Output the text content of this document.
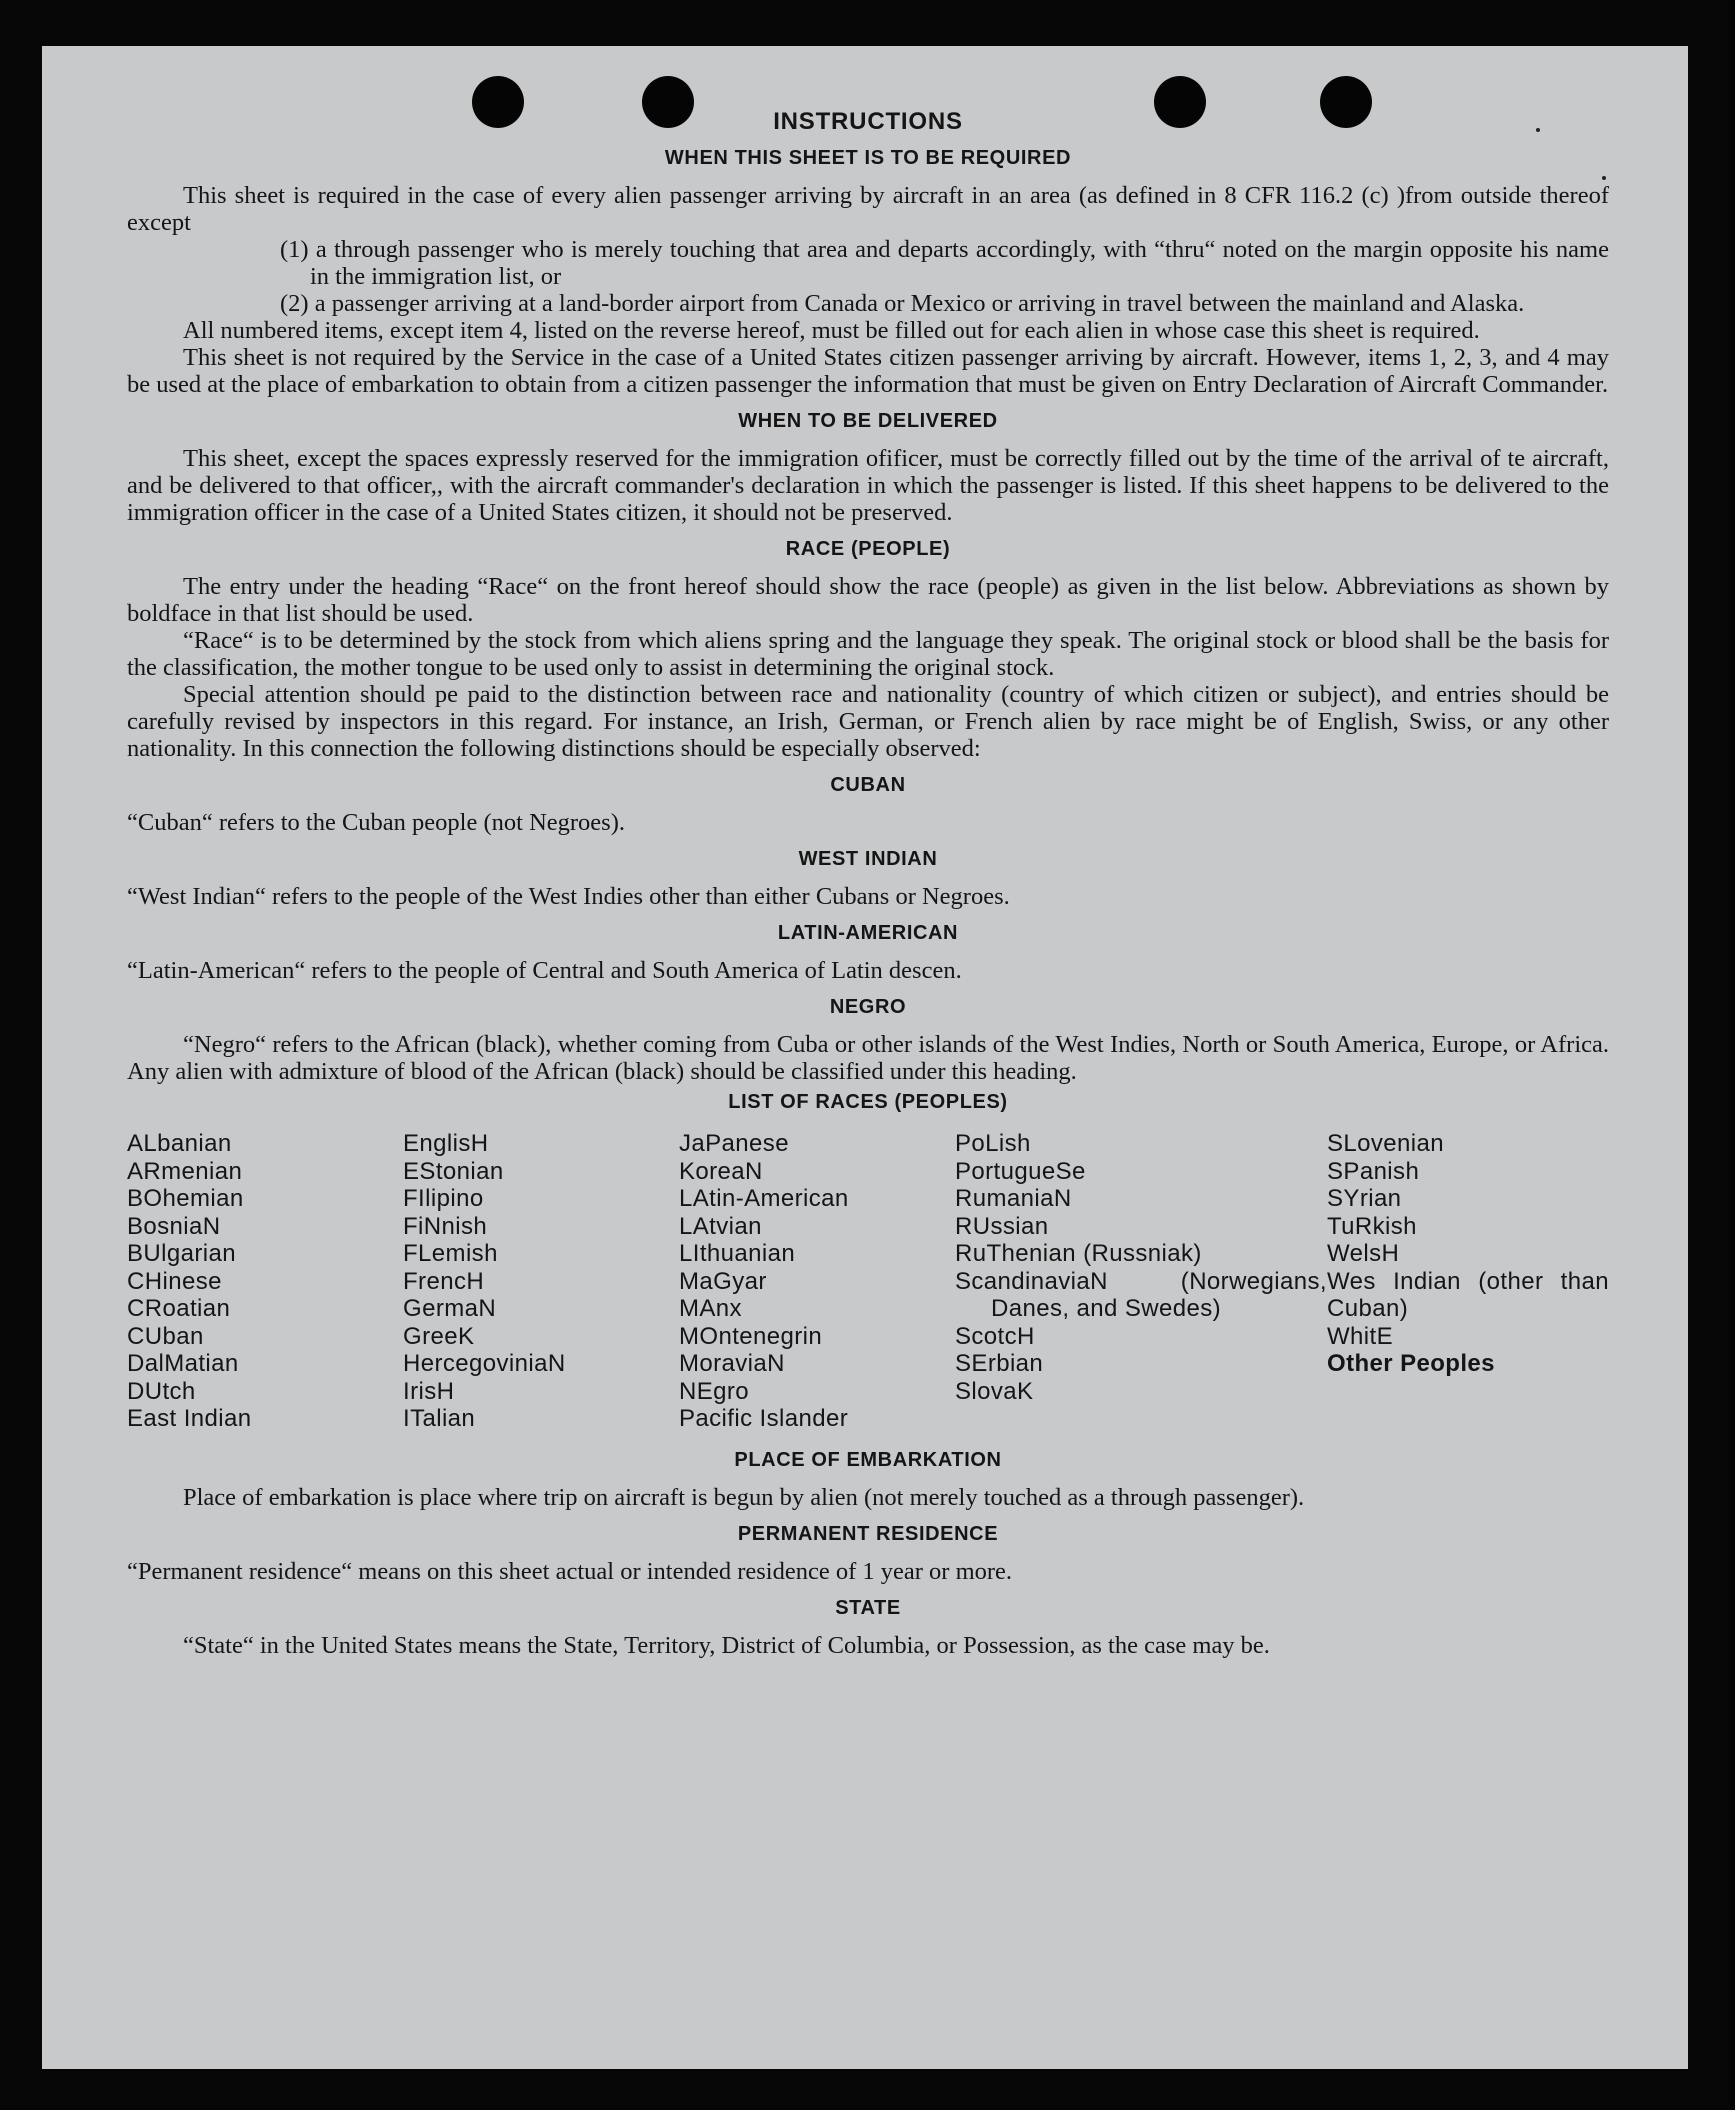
INSTRUCTIONS
WHEN THIS SHEET IS TO BE REQUIRED

This sheet is required in the case of every alien passenger arriving by aircraft in an area (as defined in 8 CFR 116.2 (c) )from outside thereof except

(1) a through passenger who is merely touching that area and departs accordingly, with “thru“ noted on the margin opposite his name in the immigration list, or

(2) a passenger arriving at a land-border airport from Canada or Mexico or arriving in travel between the mainland and Alaska.

All numbered items, except item 4, listed on the reverse hereof, must be filled out for each alien in whose case this sheet is required.

This sheet is not required by the Service in the case of a United States citizen passenger arriving by aircraft. However, items 1, 2, 3, and 4 may be used at the place of embarkation to obtain from a citizen passenger the information that must be given on Entry Declaration of Aircraft Commander.

WHEN TO BE DELIVERED

This sheet, except the spaces expressly reserved for the immigration ofificer, must be correctly filled out by the time of the arrival of te aircraft, and be delivered to that officer,, with the aircraft commander's declaration in which the passenger is listed. If this sheet happens to be delivered to the immigration officer in the case of a United States citizen, it should not be preserved.

RACE (PEOPLE)

The entry under the heading “Race“ on the front hereof should show the race (people) as given in the list below. Abbreviations as shown by boldface in that list should be used.

“Race“ is to be determined by the stock from which aliens spring and the language they speak. The original stock or blood shall be the basis for the classification, the mother tongue to be used only to assist in determining the original stock.

Special attention should pe paid to the distinction between race and nationality (country of which citizen or subject), and entries should be carefully revised by inspectors in this regard. For instance, an Irish, German, or French alien by race might be of English, Swiss, or any other nationality. In this connection the following distinctions should be especially observed:

CUBAN

“Cuban“ refers to the Cuban people (not Negroes).

WEST INDIAN

“West Indian“ refers to the people of the West Indies other than either Cubans or Negroes.

LATIN-AMERICAN

“Latin-American“ refers to the people of Central and South America of Latin descen.

NEGRO

“Negro“ refers to the African (black), whether coming from Cuba or other islands of the West Indies, North or South America, Europe, or Africa. Any alien with admixture of blood of the African (black) should be classified under this heading.

LIST OF RACES (PEOPLES)
ALbanian
ARmenian
BOhemian
BosniaN
BUlgarian
CHinese
CRoatian
CUban
DalMatian
DUtch
East Indian
EnglisH
EStonian
FIlipino
FiNnish
FLemish
FrencH
GermaN
GreeK
HercegoviniaN
IrisH
ITalian
JaPanese
KoreaN
LAtin-American
LAtvian
LIthuanian
MaGyar
MAnx
MOntenegrin
MoraviaN
NEgro
Pacific Islander
PoLish
PortugueSe
RumaniaN
RUssian
RuThenian (Russniak)
ScandinaviaN (Norwegians, Danes, and Swedes)
ScotcH
SErbian
SlovaK
SLovenian
SPanish
SYrian
TuRkish
WelsH
Wes Indian (other than Cuban)
WhitE
Other Peoples
PLACE OF EMBARKATION

Place of embarkation is place where trip on aircraft is begun by alien (not merely touched as a through passenger).

PERMANENT RESIDENCE

“Permanent residence“ means on this sheet actual or intended residence of 1 year or more.

STATE

“State“ in the United States means the State, Territory, District of Columbia, or Possession, as the case may be.
